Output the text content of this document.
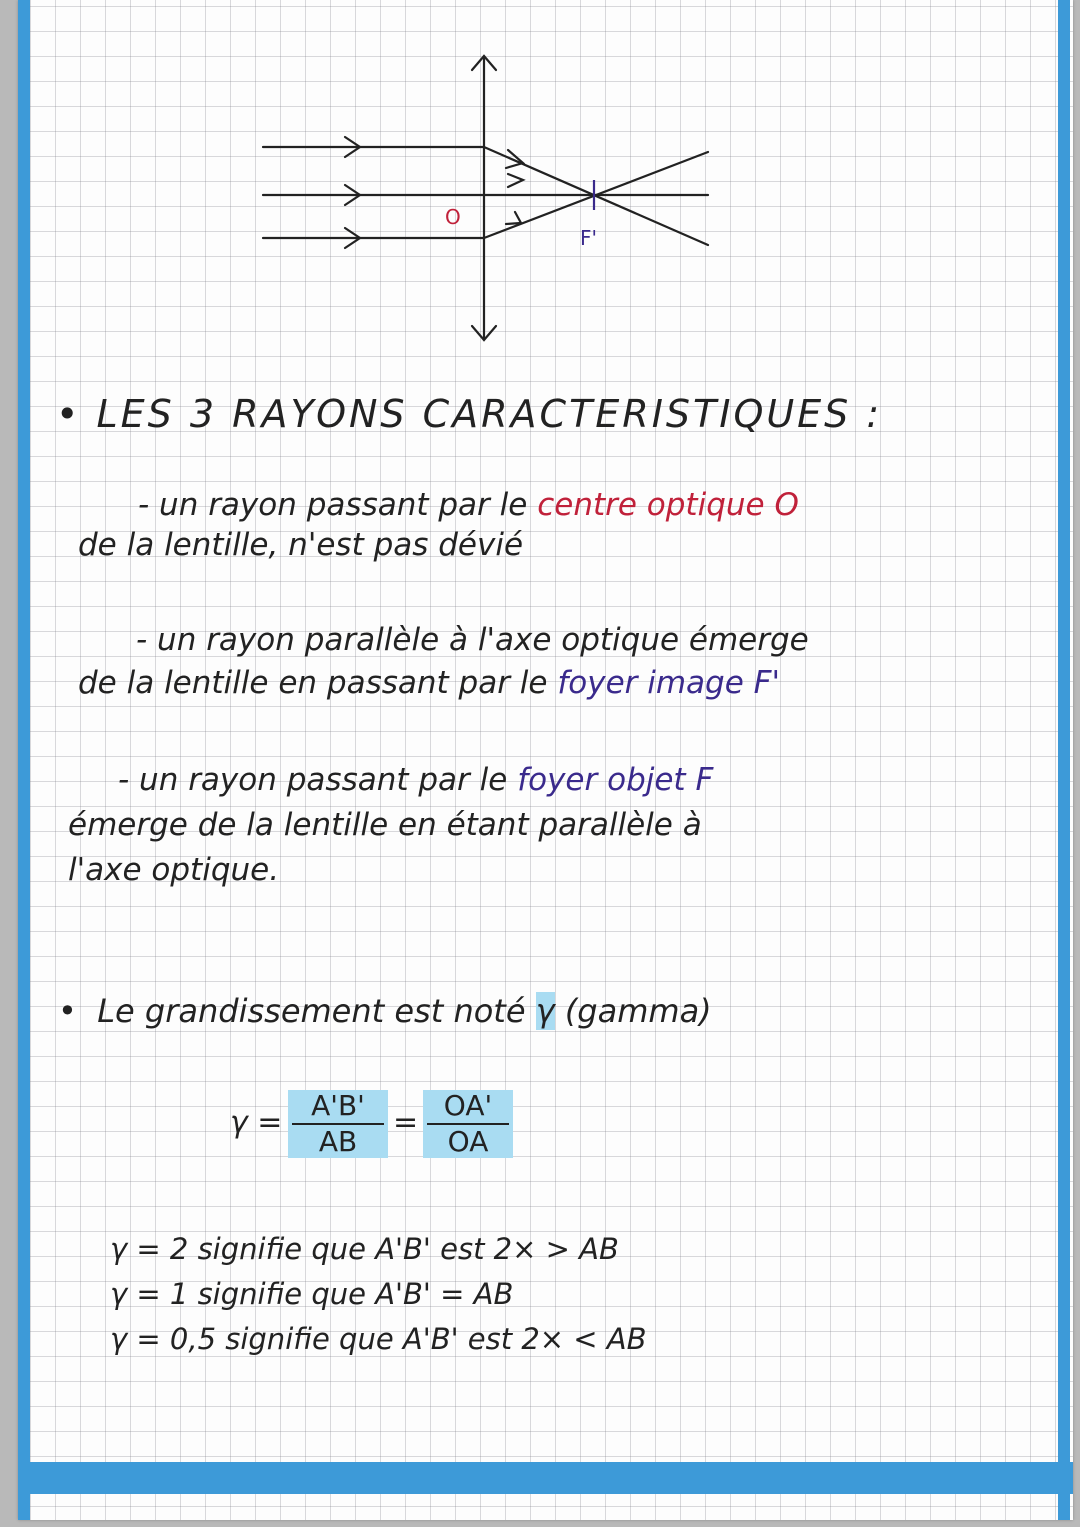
O
F'
• LES 3 RAYONS CARACTERISTIQUES :
- un rayon passant par le centre optique O
de la lentille, n'est pas dévié
- un rayon parallèle à l'axe optique émerge
de la lentille en passant par le foyer image F'
- un rayon passant par le foyer objet F
émerge de la lentille en étant parallèle à
l'axe optique.
•  Le grandissement est noté γ (gamma)
γ =	A'B'
AB
= OA'
OA
γ = 2 signifie que A'B' est 2× > AB
γ = 1 signifie que A'B' = AB
γ = 0,5 signifie que A'B' est 2× < AB
